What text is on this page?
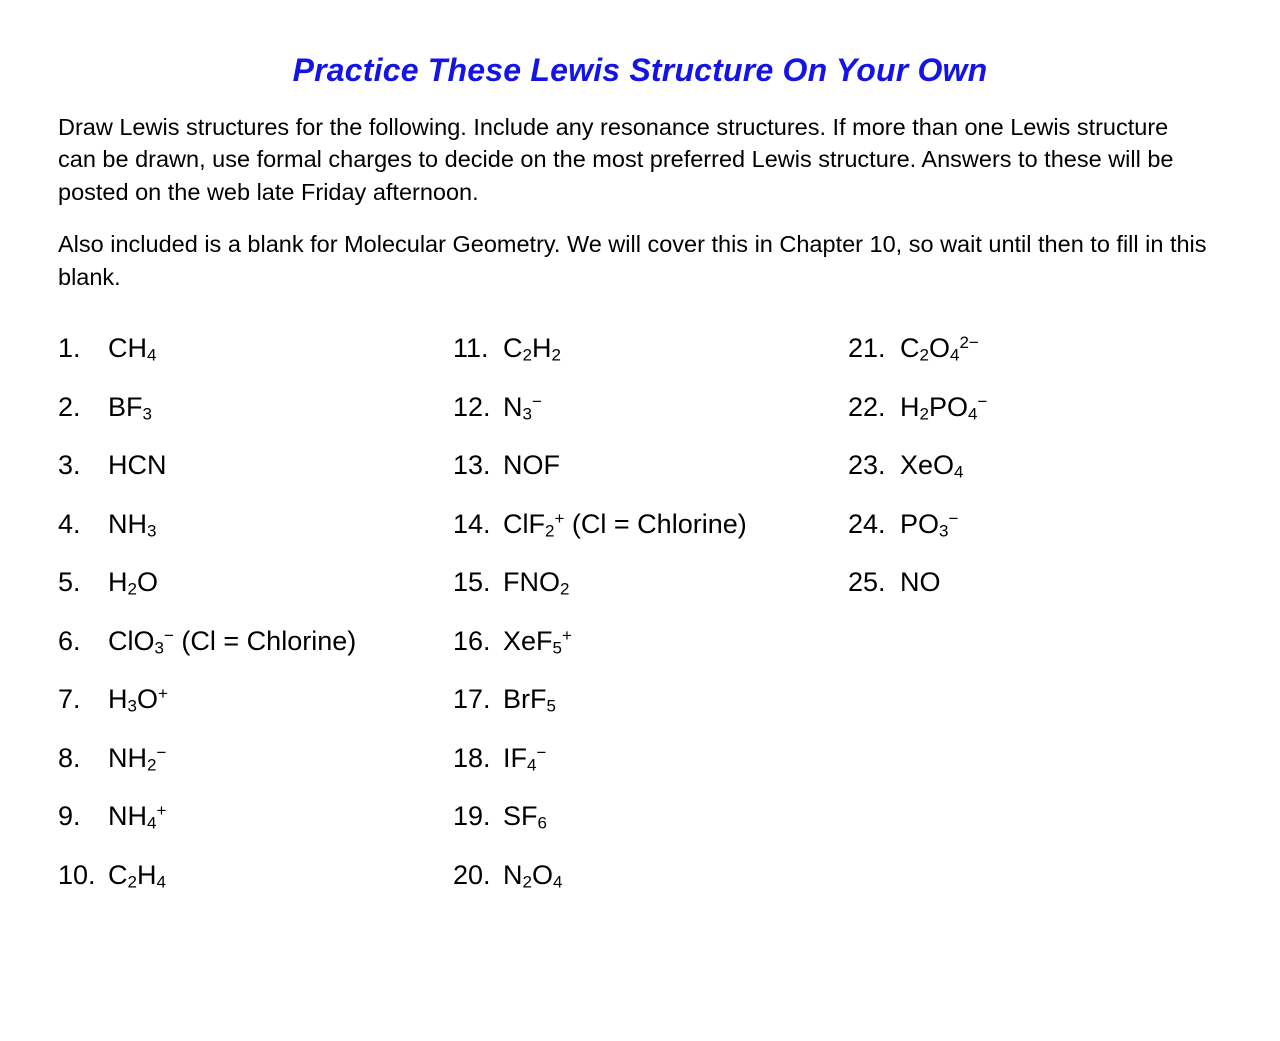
Practice These Lewis Structure On Your Own

Draw Lewis structures for the following. Include any resonance structures. If more than one Lewis structure can be drawn, use formal charges to decide on the most preferred Lewis structure. Answers to these will be posted on the web late Friday afternoon.

Also included is a blank for Molecular Geometry. We will cover this in Chapter 10, so wait until then to fill in this blank.

1.	$CH_4$
2.	$BF_3$
3.	HCN
4.	$NH_3$
5.	$H_2O$
6.	ClO$_3$− (Cl = Chlorine)
7.	$H_3O^+$
8.	$NH_2^-$
9.	$NH_4^+$
10. $C_2H_4$
11. $C_2H_2$
12. $N_3^-$
13. NOF
14. ClF$_2$+ (Cl = Chlorine)
15. $FNO_2$
16. XeF$_5$+
17. BrF$_5$
18. $IF_4^-$
19. $SF_6$
20. $N_2O_4$
21. $C_2O_4^{2-}$
22. $H_2PO_4^-$
23. XeO$_4$
24. $PO_3^-$
25. NO
